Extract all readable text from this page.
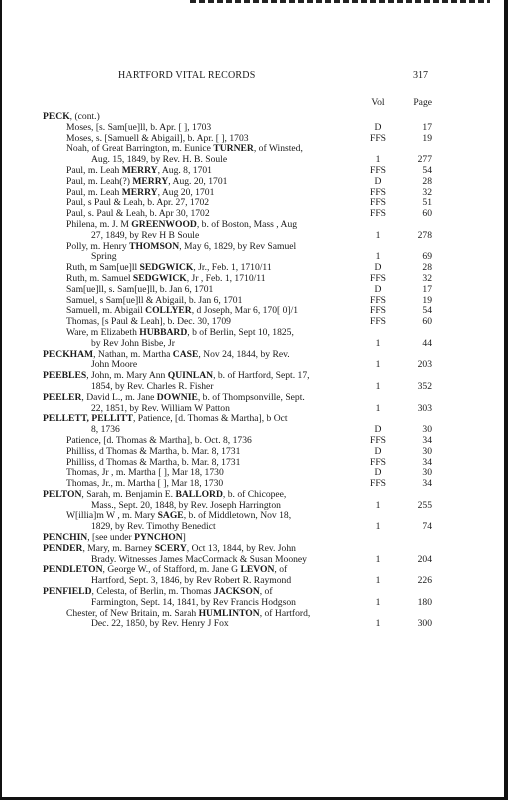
HARTFORD VITAL RECORDS	317
Vol	Page
PECK, (cont.)
Moses, [s. Sam[ue]ll, b. Apr. [ ], 1703	D	17
Moses, s. [Samuell & Abigail], b. Apr. [ ], 1703	FFS	19
Noah, of Great Barrington, m. Eunice TURNER, of Winsted,
Aug. 15, 1849, by Rev. H. B. Soule	1	277
Paul, m. Leah MERRY, Aug. 8, 1701	FFS	54
Paul, m. Leah(?) MERRY, Aug. 20, 1701	D	28
Paul, m. Leah MERRY, Aug 20, 1701	FFS	32
Paul, s Paul & Leah, b. Apr. 27, 1702	FFS	51
Paul, s. Paul & Leah, b. Apr 30, 1702	FFS	60
Philena, m. J. M GREENWOOD, b. of Boston, Mass , Aug
27, 1849, by Rev H B Soule	1	278
Polly, m. Henry THOMSON, May 6, 1829, by Rev Samuel
Spring	1	69
Ruth, m Sam[ue]ll SEDGWICK, Jr., Feb. 1, 1710/11	D	28
Ruth, m. Samuel SEDGWICK, Jr , Feb. 1, 1710/11	FFS	32
Sam[ue]ll, s. Sam[ue]ll, b. Jan 6, 1701	D	17
Samuel, s Sam[ue]ll & Abigail, b. Jan 6, 1701	FFS	19
Samuell, m. Abigail COLLYER, d Joseph, Mar 6, 170[ 0]/1	FFS	54
Thomas, [s Paul & Leah], b. Dec. 30, 1709	FFS	60
Ware, m Elizabeth HUBBARD, b of Berlin, Sept 10, 1825,
by Rev John Bisbe, Jr	1	44
PECKHAM, Nathan, m. Martha CASE, Nov 24, 1844, by Rev.
John Moore	1	203
PEEBLES, John, m. Mary Ann QUINLAN, b. of Hartford, Sept. 17,
1854, by Rev. Charles R. Fisher	1	352
PEELER, David L., m. Jane DOWNIE, b. of Thompsonville, Sept.
22, 1851, by Rev. William W Patton	1	303
PELLETT, PELLITT, Patience, [d. Thomas & Martha], b Oct
8, 1736	D	30
Patience, [d. Thomas & Martha], b. Oct. 8, 1736	FFS	34
Philliss, d Thomas & Martha, b. Mar. 8, 1731	D	30
Philliss, d Thomas & Martha, b. Mar. 8, 1731	FFS	34
Thomas, Jr , m. Martha [ ], Mar 18, 1730	D	30
Thomas, Jr., m. Martha [ ], Mar 18, 1730	FFS	34
PELTON, Sarah, m. Benjamin E. BALLORD, b. of Chicopee,
Mass., Sept. 20, 1848, by Rev. Joseph Harrington	1	255
W[illia]m W , m. Mary SAGE, b. of Middletown, Nov 18,
1829, by Rev. Timothy Benedict	1	74
PENCHIN, [see under PYNCHON]
PENDER, Mary, m. Barney SCERY, Oct 13, 1844, by Rev. John
Brady. Witnesses James MacCormack & Susan Mooney	1	204
PENDLETON, George W., of Stafford, m. Jane G LEVON, of
Hartford, Sept. 3, 1846, by Rev Robert R. Raymond	1	226
PENFIELD, Celesta, of Berlin, m. Thomas JACKSON, of
Farmington, Sept. 14, 1841, by Rev Francis Hodgson	1	180
Chester, of New Britain, m. Sarah HUMLINTON, of Hartford,
Dec. 22, 1850, by Rev. Henry J Fox	1	300
